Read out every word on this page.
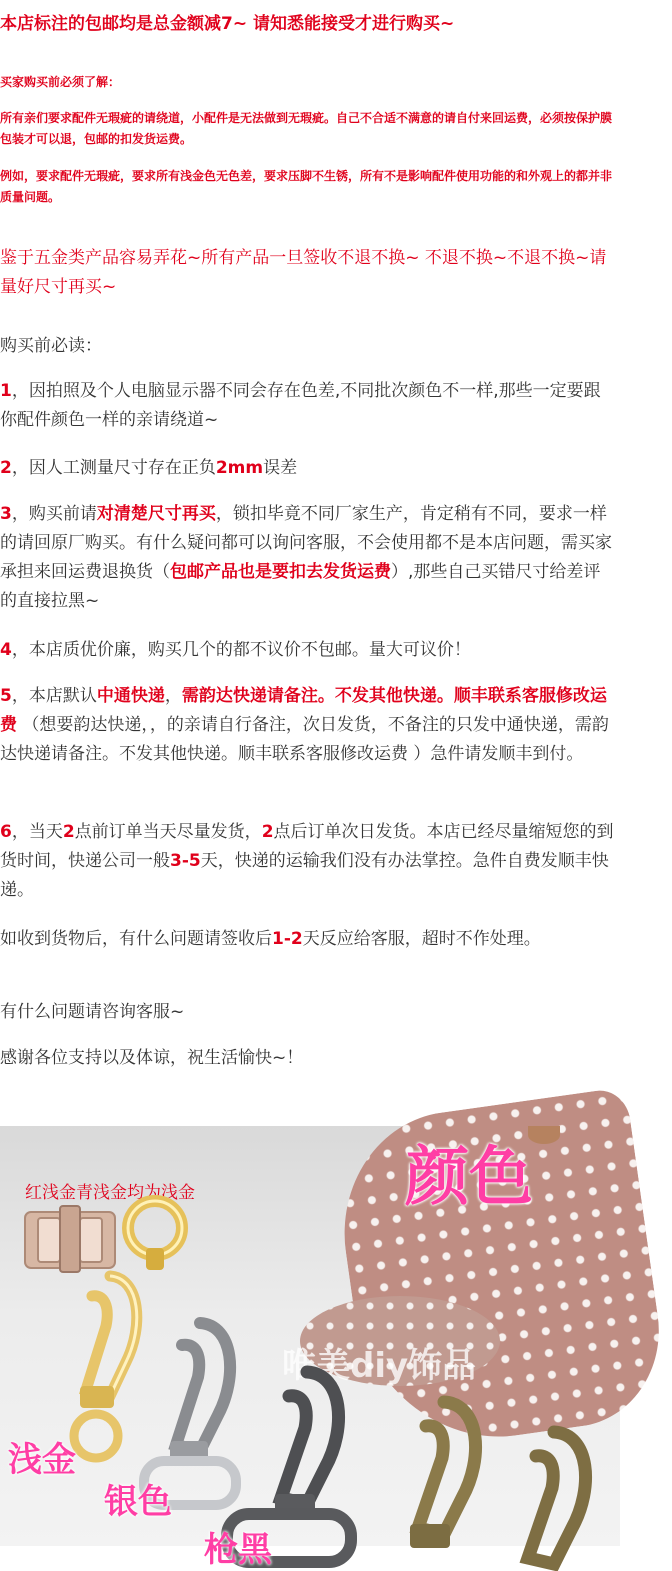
本店标注的包邮均是总金额减7~ 请知悉能接受才进行购买~

买家购买前必须了解：

所有亲们要求配件无瑕疵的请绕道，小配件是无法做到无瑕疵。自己不合适不满意的请自付来回运费，必须按保护膜包装才可以退，包邮的扣发货运费。

例如，要求配件无瑕疵，要求所有浅金色无色差，要求压脚不生锈，所有不是影响配件使用功能的和外观上的都并非质量问题。

鉴于五金类产品容易弄花~所有产品一旦签收不退不换~ 不退不换~不退不换~请量好尺寸再买~

购买前必读：

1，因拍照及个人电脑显示器不同会存在色差,不同批次颜色不一样,那些一定要跟你配件颜色一样的亲请绕道~

2，因人工测量尺寸存在正负2mm误差

3，购买前请对清楚尺寸再买，锁扣毕竟不同厂家生产，肯定稍有不同，要求一样的请回原厂购买。有什么疑问都可以询问客服，不会使用都不是本店问题，需买家承担来回运费退换货（包邮产品也是要扣去发货运费）,那些自己买错尺寸给差评的直接拉黑~

4，本店质优价廉，购买几个的都不议价不包邮。量大可议价！

5，本店默认中通快递，需韵达快递请备注。不发其他快递。顺丰联系客服修改运费 （想要韵达快递，，的亲请自行备注，次日发货，不备注的只发中通快递，需韵达快递请备注。不发其他快递。顺丰联系客服修改运费 ）急件请发顺丰到付。

6，当天2点前订单当天尽量发货，2点后订单次日发货。本店已经尽量缩短您的到货时间，快递公司一般3-5天，快递的运输我们没有办法掌控。急件自费发顺丰快递。

如收到货物后，有什么问题请签收后1-2天反应给客服，超时不作处理。

有什么问题请咨询客服~

感谢各位支持以及体谅，祝生活愉快~！

红浅金青浅金均为浅金	颜色

唯美diy饰品

浅金

银色

枪黑
